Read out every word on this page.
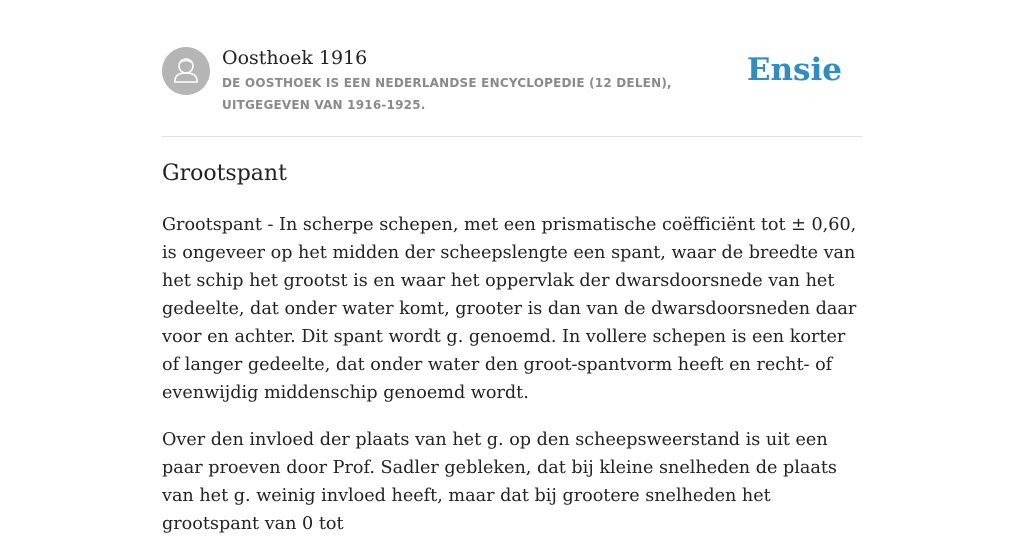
Oosthoek 1916
DE OOSTHOEK IS EEN NEDERLANDSE ENCYCLOPEDIE (12 DELEN), UITGEGEVEN VAN 1916-1925.
Ensie
Grootspant

Grootspant - In scherpe schepen, met een prismatische coëfficiënt tot ± 0,60, is ongeveer op het midden der scheepslengte een spant, waar de breedte van het schip het grootst is en waar het oppervlak der dwarsdoorsnede van het gedeelte, dat onder water komt, grooter is dan van de dwarsdoorsneden daar voor en achter. Dit spant wordt g. genoemd. In vollere schepen is een korter of langer gedeelte, dat onder water den groot-spantvorm heeft en recht- of evenwijdig middenschip genoemd wordt.

Over den invloed der plaats van het g. op den scheepsweerstand is uit een paar proeven door Prof. Sadler gebleken, dat bij kleine snelheden de plaats van het g. weinig invloed heeft, maar dat bij grootere snelheden het grootspant van 0 tot
